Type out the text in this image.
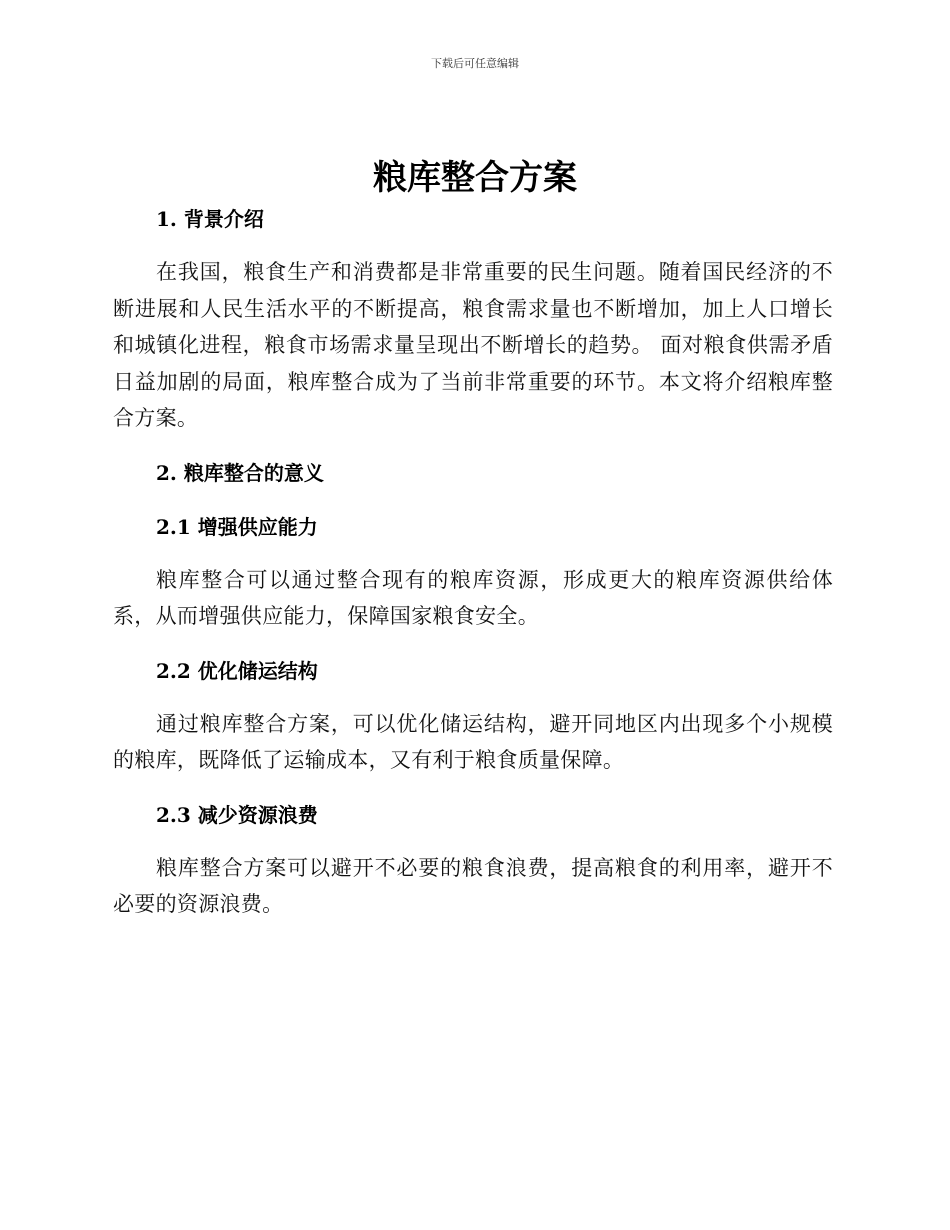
下载后可任意编辑
粮库整合方案
1. 背景介绍

在我国，粮食生产和消费都是非常重要的民生问题。随着国民经济的不断进展和人民生活水平的不断提高，粮食需求量也不断增加，加上人口增长和城镇化进程，粮食市场需求量呈现出不断增长的趋势。 面对粮食供需矛盾日益加剧的局面，粮库整合成为了当前非常重要的环节。本文将介绍粮库整合方案。

2. 粮库整合的意义
2.1 增强供应能力

粮库整合可以通过整合现有的粮库资源，形成更大的粮库资源供给体系，从而增强供应能力，保障国家粮食安全。

2.2 优化储运结构

通过粮库整合方案，可以优化储运结构，避开同地区内出现多个小规模的粮库，既降低了运输成本，又有利于粮食质量保障。

2.3 减少资源浪费

粮库整合方案可以避开不必要的粮食浪费，提高粮食的利用率，避开不必要的资源浪费。
